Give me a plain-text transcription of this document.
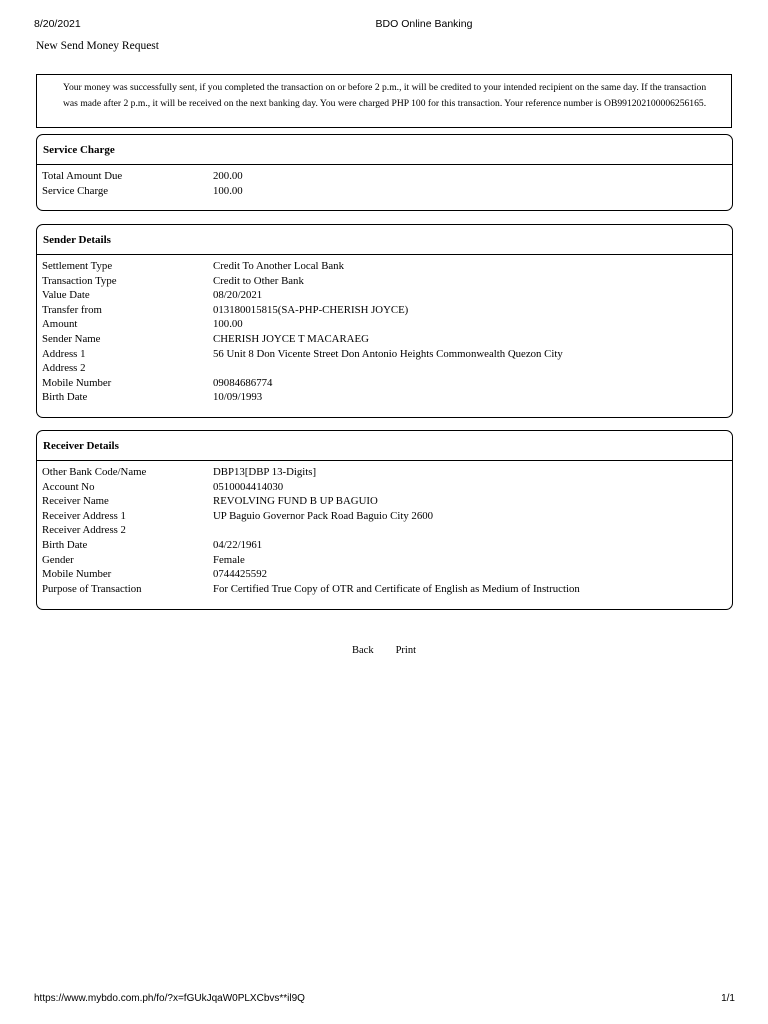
8/20/2021	BDO Online Banking
New Send Money Request
Your money was successfully sent, if you completed the transaction on or before 2 p.m., it will be credited to your intended recipient on the same day. If the transaction was made after 2 p.m., it will be received on the next banking day. You were charged PHP 100 for this transaction. Your reference number is OB991202100006256165.
Service Charge
Total Amount Due	200.00
Service Charge	100.00
Sender Details
Settlement Type	Credit To Another Local Bank
Transaction Type	Credit to Other Bank
Value Date	08/20/2021
Transfer from	013180015815(SA-PHP-CHERISH JOYCE)
Amount	100.00
Sender Name	CHERISH JOYCE T MACARAEG
Address 1	56 Unit 8 Don Vicente Street Don Antonio Heights Commonwealth Quezon City
Address 2
Mobile Number	09084686774
Birth Date	10/09/1993
Receiver Details
Other Bank Code/Name	DBP13[DBP 13-Digits]
Account No	0510004414030
Receiver Name	REVOLVING FUND B UP BAGUIO
Receiver Address 1	UP Baguio Governor Pack Road Baguio City 2600
Receiver Address 2
Birth Date	04/22/1961
Gender	Female
Mobile Number	0744425592
Purpose of Transaction	For Certified True Copy of OTR and Certificate of English as Medium of Instruction
Back	Print
https://www.mybdo.com.ph/fo/?x=fGUkJqaW0PLXCbvs**il9Q	1/1
